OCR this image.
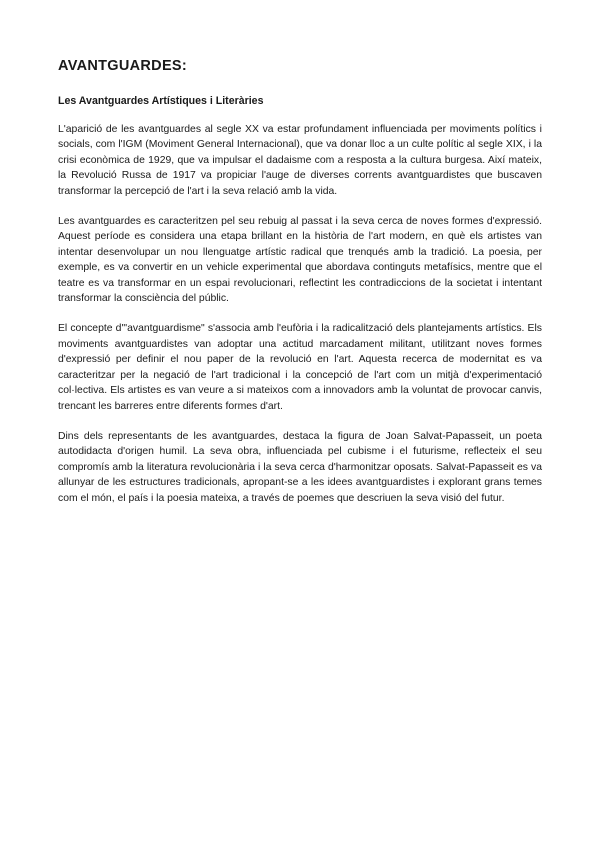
AVANTGUARDES:
Les Avantguardes Artístiques i Literàries

L'aparició de les avantguardes al segle XX va estar profundament influenciada per moviments polítics i socials, com l'IGM (Moviment General Internacional), que va donar lloc a un culte polític al segle XIX, i la crisi econòmica de 1929, que va impulsar el dadaisme com a resposta a la cultura burgesa. Així mateix, la Revolució Russa de 1917 va propiciar l'auge de diverses corrents avantguardistes que buscaven transformar la percepció de l'art i la seva relació amb la vida.

Les avantguardes es caracteritzen pel seu rebuig al passat i la seva cerca de noves formes d'expressió. Aquest període es considera una etapa brillant en la història de l'art modern, en què els artistes van intentar desenvolupar un nou llenguatge artístic radical que trenqués amb la tradició. La poesia, per exemple, es va convertir en un vehicle experimental que abordava continguts metafísics, mentre que el teatre es va transformar en un espai revolucionari, reflectint les contradiccions de la societat i intentant transformar la consciència del públic.

El concepte d'"avantguardisme" s'associa amb l'eufòria i la radicalització dels plantejaments artístics. Els moviments avantguardistes van adoptar una actitud marcadament militant, utilitzant noves formes d'expressió per definir el nou paper de la revolució en l'art. Aquesta recerca de modernitat es va caracteritzar per la negació de l'art tradicional i la concepció de l'art com un mitjà d'experimentació col·lectiva. Els artistes es van veure a si mateixos com a innovadors amb la voluntat de provocar canvis, trencant les barreres entre diferents formes d'art.

Dins dels representants de les avantguardes, destaca la figura de Joan Salvat-Papasseit, un poeta autodidacta d'origen humil. La seva obra, influenciada pel cubisme i el futurisme, reflecteix el seu compromís amb la literatura revolucionària i la seva cerca d'harmonitzar oposats. Salvat-Papasseit es va allunyar de les estructures tradicionals, apropant-se a les idees avantguardistes i explorant grans temes com el món, el país i la poesia mateixa, a través de poemes que descriuen la seva visió del futur.
